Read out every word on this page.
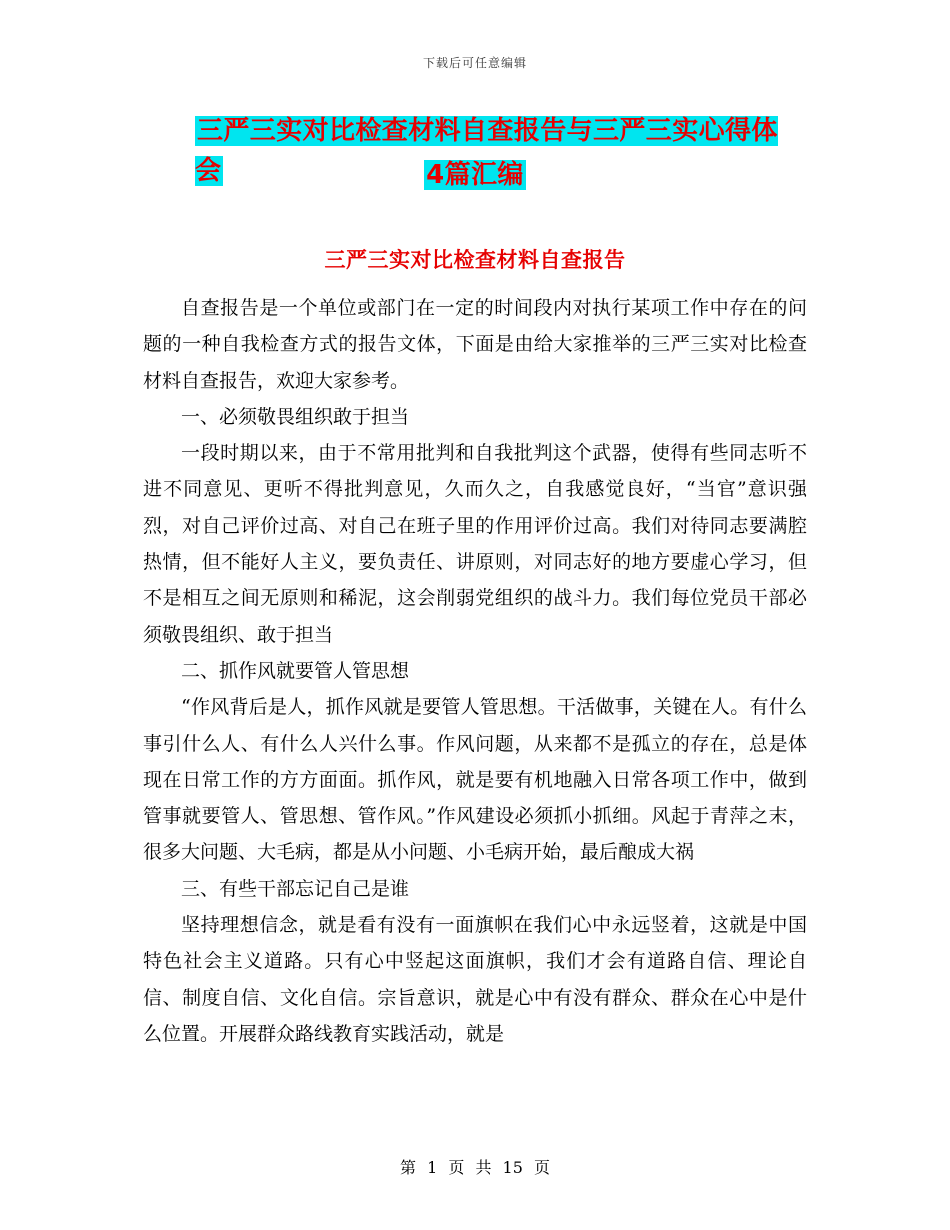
下载后可任意编辑
三严三实对比检查材料自查报告与三严三实心得体会	4篇汇编
三严三实对比检查材料自查报告

自查报告是一个单位或部门在一定的时间段内对执行某项工作中存在的问题的一种自我检查方式的报告文体，下面是由给大家推举的三严三实对比检查材料自查报告，欢迎大家参考。

一、必须敬畏组织敢于担当

一段时期以来，由于不常用批判和自我批判这个武器，使得有些同志听不进不同意见、更听不得批判意见，久而久之，自我感觉良好，“当官”意识强烈，对自己评价过高、对自己在班子里的作用评价过高。我们对待同志要满腔热情，但不能好人主义，要负责任、讲原则，对同志好的地方要虚心学习，但不是相互之间无原则和稀泥，这会削弱党组织的战斗力。我们每位党员干部必须敬畏组织、敢于担当

二、抓作风就要管人管思想

“作风背后是人，抓作风就是要管人管思想。干活做事，关键在人。有什么事引什么人、有什么人兴什么事。作风问题，从来都不是孤立的存在，总是体现在日常工作的方方面面。抓作风，就是要有机地融入日常各项工作中，做到管事就要管人、管思想、管作风。”作风建设必须抓小抓细。风起于青萍之末，很多大问题、大毛病，都是从小问题、小毛病开始，最后酿成大祸

三、有些干部忘记自己是谁

坚持理想信念，就是看有没有一面旗帜在我们心中永远竖着，这就是中国特色社会主义道路。只有心中竖起这面旗帜，我们才会有道路自信、理论自信、制度自信、文化自信。宗旨意识，就是心中有没有群众、群众在心中是什么位置。开展群众路线教育实践活动，就是

第 1 页 共 15 页
